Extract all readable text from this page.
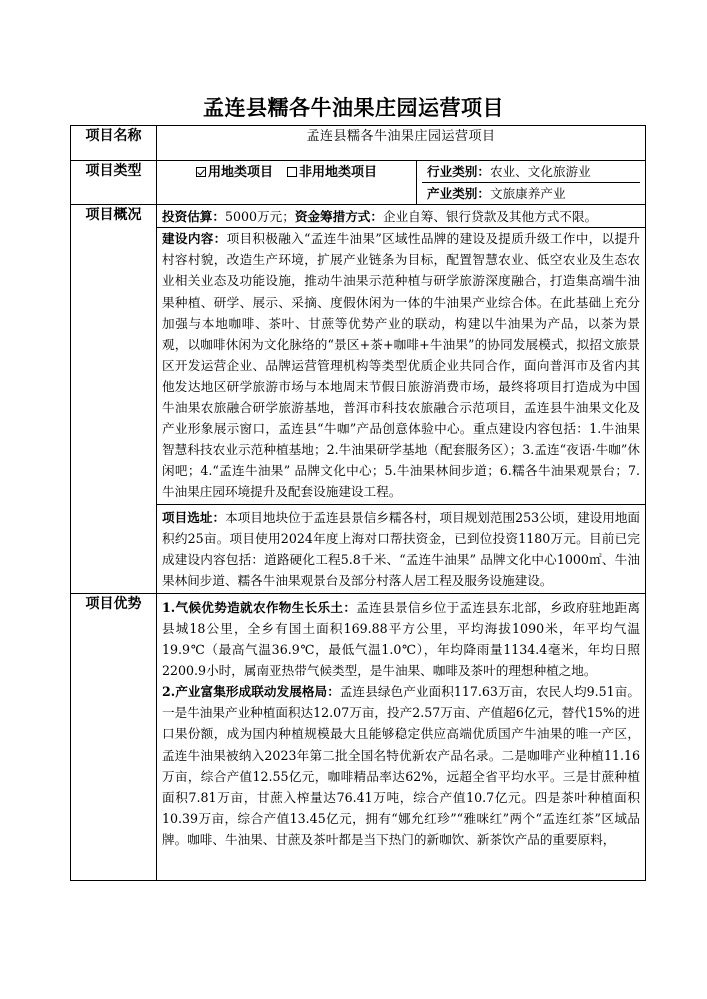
孟连县糯各牛油果庄园运营项目
项目名称	孟连县糯各牛油果庄园运营项目
项目类型	用地类项目 非用地类项目		行业类别：农业、文化旅游业
产业类别：文旅康养产业

项目概况	投资估算：5000万元；资金筹措方式：企业自筹、银行贷款及其他方式不限。
建设内容：项目积极融入“孟连牛油果”区域性品牌的建设及提质升级工作中，以提升村容村貌，改造生产环境，扩展产业链条为目标，配置智慧农业、低空农业及生态农业相关业态及功能设施，推动牛油果示范种植与研学旅游深度融合，打造集高端牛油果种植、研学、展示、采摘、度假休闲为一体的牛油果产业综合体。在此基础上充分加强与本地咖啡、茶叶、甘蔗等优势产业的联动，构建以牛油果为产品，以茶为景观，以咖啡休闲为文化脉络的“景区+茶+咖啡+牛油果”的协同发展模式，拟招文旅景区开发运营企业、品牌运营管理机构等类型优质企业共同合作，面向普洱市及省内其他发达地区研学旅游市场与本地周末节假日旅游消费市场，最终将项目打造成为中国牛油果农旅融合研学旅游基地，普洱市科技农旅融合示范项目，孟连县牛油果文化及产业形象展示窗口，孟连县“牛咖”产品创意体验中心。重点建设内容包括：1.牛油果智慧科技农业示范种植基地；2.牛油果研学基地（配套服务区）；3.孟连“夜语·牛咖”休闲吧；4.“孟连牛油果” 品牌文化中心；5.牛油果林间步道；6.糯各牛油果观景台；7.牛油果庄园环境提升及配套设施建设工程。
项目选址：本项目地块位于孟连县景信乡糯各村，项目规划范围253公顷，建设用地面积约25亩。项目使用2024年度上海对口帮扶资金，已到位投资1180万元。目前已完成建设内容包括：道路硬化工程5.8千米、“孟连牛油果” 品牌文化中心1000㎡、牛油果林间步道、糯各牛油果观景台及部分村落人居工程及服务设施建设。
项目优势	1.气候优势造就农作物生长乐土：孟连县景信乡位于孟连县东北部，乡政府驻地距离县城18公里，全乡有国土面积169.88平方公里，平均海拔1090米，年平均气温19.9℃（最高气温36.9℃，最低气温1.0℃），年均降雨量1134.4毫米，年均日照2200.9小时，属南亚热带气候类型，是牛油果、咖啡及茶叶的理想种植之地。
2.产业富集形成联动发展格局：孟连县绿色产业面积117.63万亩，农民人均9.51亩。一是牛油果产业种植面积达12.07万亩，投产2.57万亩、产值超6亿元，替代15%的进口果份额，成为国内种植规模最大且能够稳定供应高端优质国产牛油果的唯一产区，孟连牛油果被纳入2023年第二批全国名特优新农产品名录。二是咖啡产业种植11.16万亩，综合产值12.55亿元，咖啡精品率达62%，远超全省平均水平。三是甘蔗种植面积7.81万亩，甘蔗入榨量达76.41万吨，综合产值10.7亿元。四是茶叶种植面积10.39万亩，综合产值13.45亿元，拥有“娜允红珍”“雅咪红”两个“孟连红茶”区域品牌。咖啡、牛油果、甘蔗及茶叶都是当下热门的新咖饮、新茶饮产品的重要原料，
